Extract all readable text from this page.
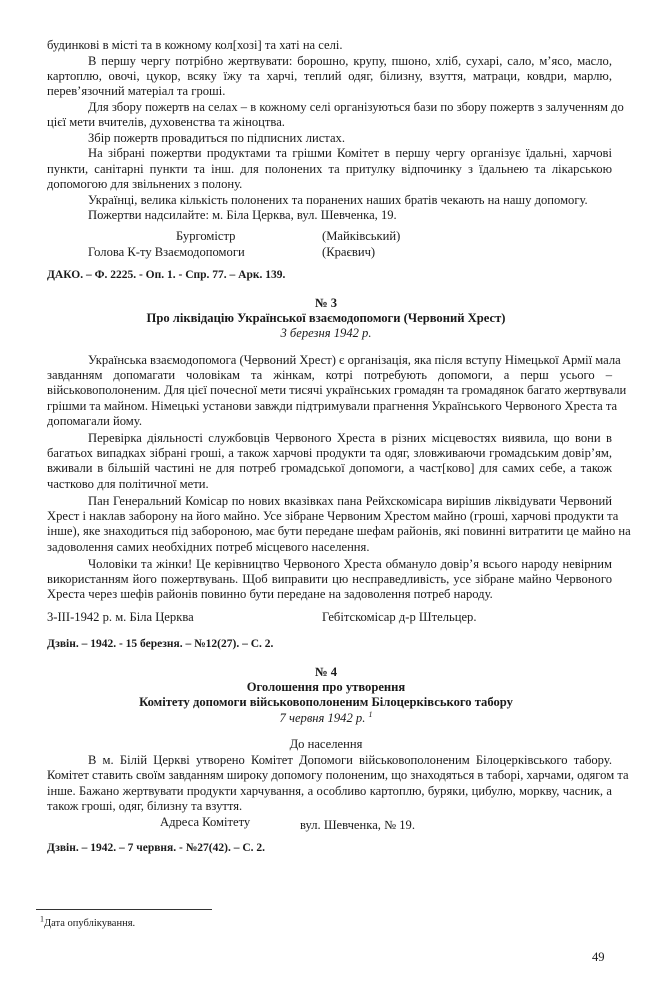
будинкові в місті та в кожному кол[хозі] та хаті на селі.

В першу чергу потрібно жертвувати: борошно, крупу, пшоно, хліб, сухарі, сало, м’ясо, масло,

картоплю, овочі, цукор, всяку їжу та харчі, теплий одяг, білизну, взуття, матраци, ковдри, марлю,

перев’язочний матеріал та гроші.

Для збору пожертв на селах – в кожному селі організуються бази по збору пожертв з залученням до

цієї мети вчителів, духовенства та жіноцтва.

Збір пожертв провадиться по підписних листах.

На зібрані пожертви продуктами та грішми Комітет в першу чергу організує їдальні, харчові

пункти, санітарні пункти та інш. для полонених та притулку відпочинку з їдальнею та лікарською

допомогою для звільнених з полону.

Українці, велика кількість полонених та поранених наших братів чекають на нашу допомогу.

Пожертви надсилайте: м. Біла Церква, вул. Шевченка, 19.

Бургомістр	(Майківський)

Голова К-ту Взаємодопомоги	(Краєвич)

ДАКО. – Ф. 2225. - Оп. 1. - Спр. 77. – Арк. 139.

№ 3

Про ліквідацію Української взаємодопомоги (Червоний Хрест)

3 березня 1942 р.

Українська взаємодопомога (Червоний Хрест) є організація, яка після вступу Німецької Армії мала

завданням допомагати чоловікам та жінкам, котрі потребують допомоги, а перш усього –

військовополоненим. Для цієї почесної мети тисячі українських громадян та громадянок багато жертвували

грішми та майном. Німецькі установи завжди підтримували прагнення Українського Червоного Хреста та

допомагали йому.

Перевірка діяльності службовців Червоного Хреста в різних місцевостях виявила, що вони в

багатьох випадках зібрані гроші, а також харчові продукти та одяг, зловживаючи громадським довір’ям,

вживали в більшій частині не для потреб громадської допомоги, а част[ково] для самих себе, а також

частково для політичної мети.

Пан Генеральний Комісар по нових вказівках пана Рейхскомісара вирішив ліквідувати Червоний

Хрест і наклав заборону на його майно. Усе зібране Червоним Хрестом майно (гроші, харчові продукти та

інше), яке знаходиться під забороною, має бути передане шефам районів, які повинні витратити це майно на

задоволення самих необхідних потреб місцевого населення.

Чоловіки та жінки! Це керівництво Червоного Хреста обмануло довір’я всього народу невірним

використанням його пожертвувань. Щоб виправити цю несправедливість, усе зібране майно Червоного

Хреста через шефів районів повинно бути передане на задоволення потреб народу.

3-ІІІ-1942 р. м. Біла Церква	Гебітскомісар д-р Штельцер.

Дзвін. – 1942. - 15 березня. – №12(27). – С. 2.

№ 4

Оголошення про утворення

Комітету допомоги військовополоненим Білоцерківського табору

7 червня 1942 р. $^1$

До населення

В м. Білій Церкві утворено Комітет Допомоги військовополоненим Білоцерківського табору.

Комітет ставить своїм завданням широку допомогу полоненим, що знаходяться в таборі, харчами, одягом та

інше. Бажано жертвувати продукти харчування, а особливо картоплю, буряки, цибулю, моркву, часник, а

також гроші, одяг, білизну та взуття.

Адреса Комітету	вул. Шевченка, № 19.

Дзвін. – 1942. – 7 червня. - №27(42). – С. 2.

$^1$Дата опублікування.

49
